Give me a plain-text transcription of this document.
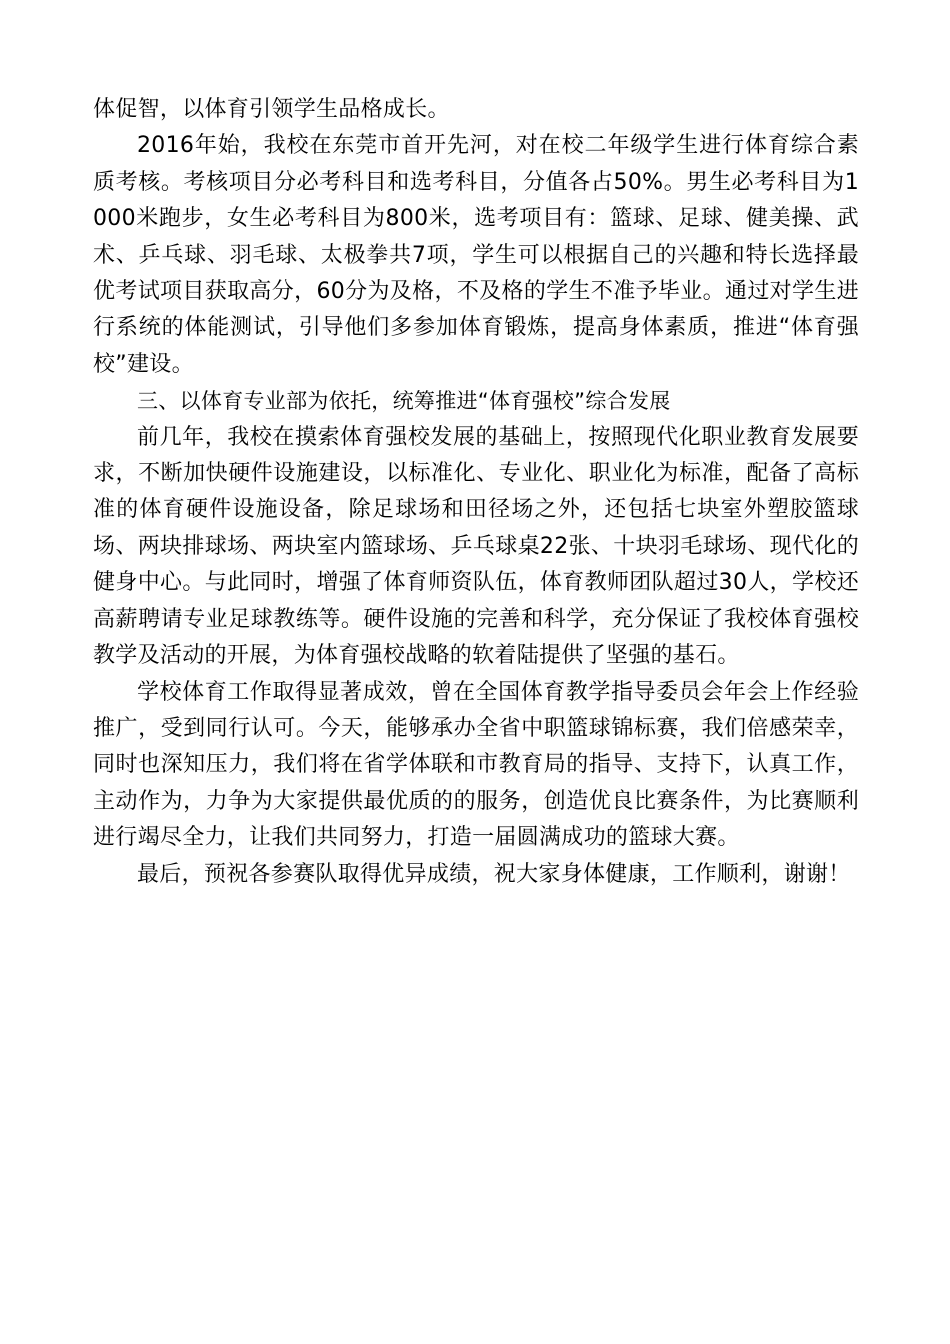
体促智，以体育引领学生品格成长。

2016年始，我校在东莞市首开先河，对在校二年级学生进行体育综合素质考核。考核项目分必考科目和选考科目，分值各占50%。男生必考科目为1000米跑步，女生必考科目为800米，选考项目有：篮球、足球、健美操、武术、乒乓球、羽毛球、太极拳共7项，学生可以根据自己的兴趣和特长选择最优考试项目获取高分，60分为及格，不及格的学生不准予毕业。通过对学生进行系统的体能测试，引导他们多参加体育锻炼，提高身体素质，推进“体育强校”建设。

三、以体育专业部为依托，统筹推进“体育强校”综合发展

前几年，我校在摸索体育强校发展的基础上，按照现代化职业教育发展要求，不断加快硬件设施建设，以标准化、专业化、职业化为标准，配备了高标准的体育硬件设施设备，除足球场和田径场之外，还包括七块室外塑胶篮球场、两块排球场、两块室内篮球场、乒乓球桌22张、十块羽毛球场、现代化的健身中心。与此同时，增强了体育师资队伍，体育教师团队超过30人，学校还高薪聘请专业足球教练等。硬件设施的完善和科学，充分保证了我校体育强校教学及活动的开展，为体育强校战略的软着陆提供了坚强的基石。

学校体育工作取得显著成效，曾在全国体育教学指导委员会年会上作经验推广，受到同行认可。今天，能够承办全省中职篮球锦标赛，我们倍感荣幸，同时也深知压力，我们将在省学体联和市教育局的指导、支持下，认真工作，主动作为，力争为大家提供最优质的的服务，创造优良比赛条件，为比赛顺利进行竭尽全力，让我们共同努力，打造一届圆满成功的篮球大赛。

最后，预祝各参赛队取得优异成绩，祝大家身体健康，工作顺利，谢谢！
